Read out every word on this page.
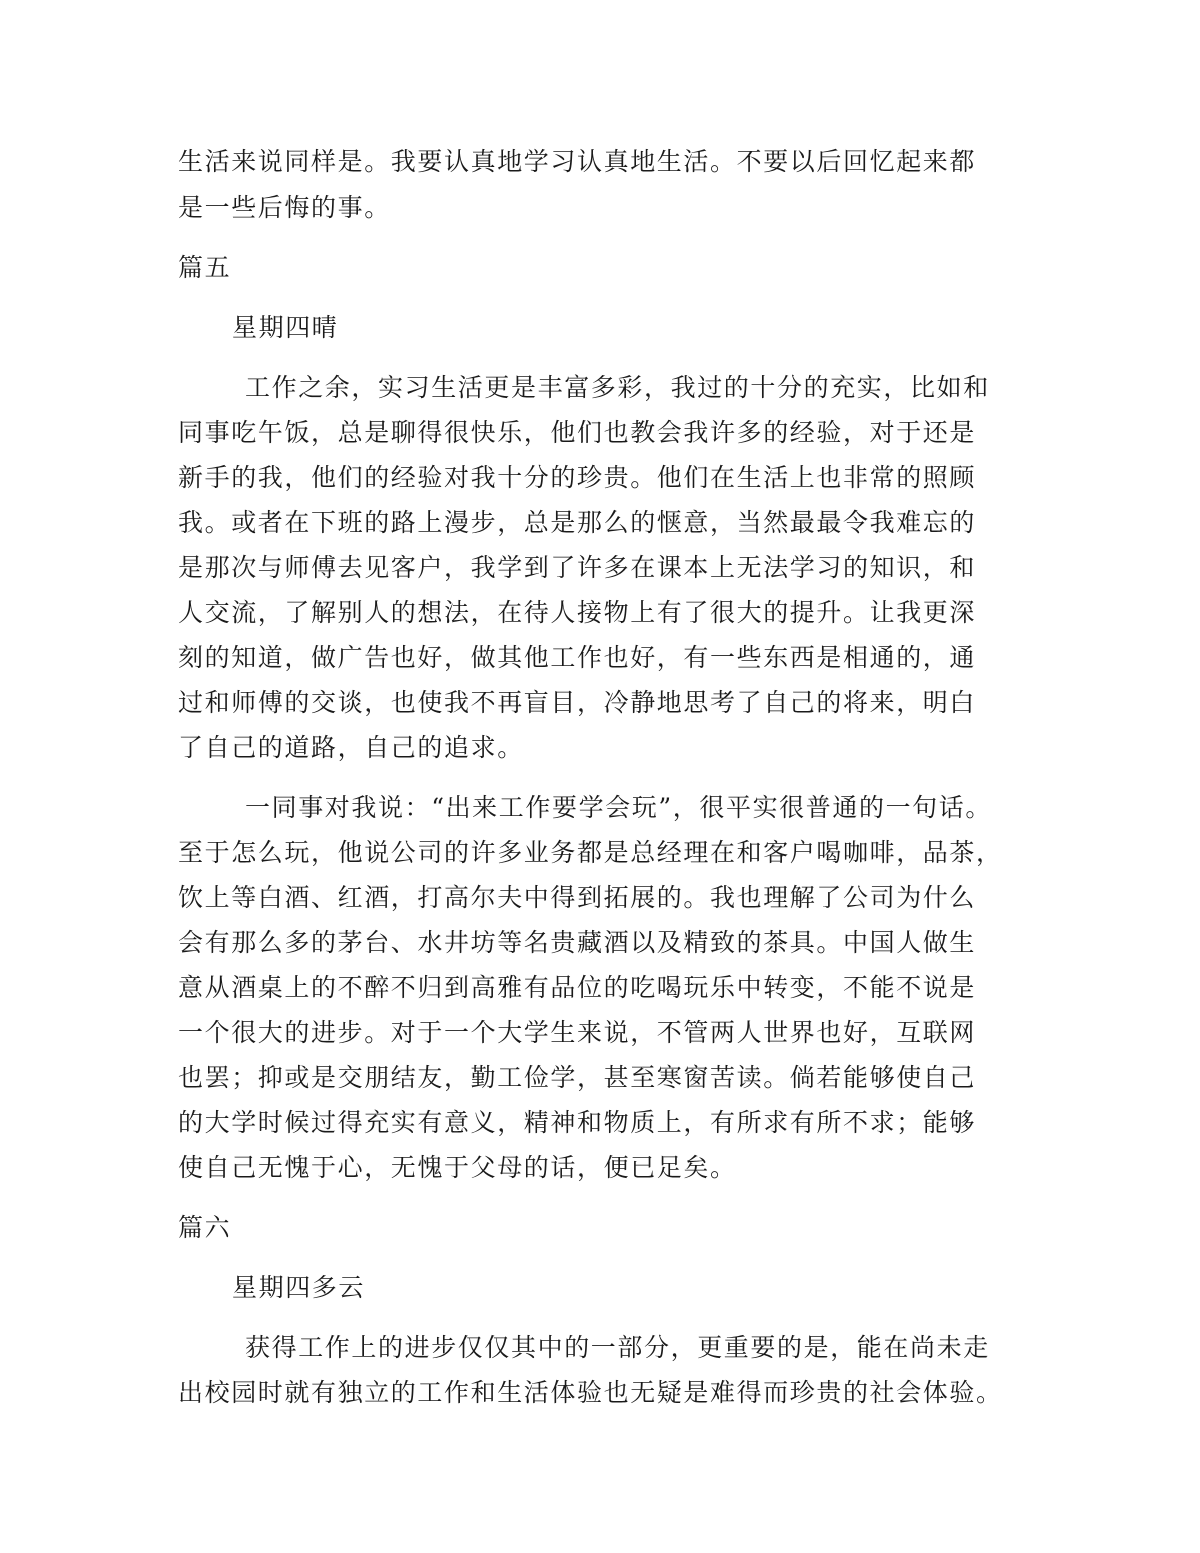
生活来说同样是。我要认真地学习认真地生活。不要以后回忆起来都
是一些后悔的事。
篇五
星期四晴
工作之余，实习生活更是丰富多彩，我过的十分的充实，比如和
同事吃午饭，总是聊得很快乐，他们也教会我许多的经验，对于还是
新手的我，他们的经验对我十分的珍贵。他们在生活上也非常的照顾
我。或者在下班的路上漫步，总是那么的惬意，当然最最令我难忘的
是那次与师傅去见客户，我学到了许多在课本上无法学习的知识，和
人交流，了解别人的想法，在待人接物上有了很大的提升。让我更深
刻的知道，做广告也好，做其他工作也好，有一些东西是相通的，通
过和师傅的交谈，也使我不再盲目，冷静地思考了自己的将来，明白
了自己的道路，自己的追求。
一同事对我说：“出来工作要学会玩”，很平实很普通的一句话。
至于怎么玩，他说公司的许多业务都是总经理在和客户喝咖啡，品茶，
饮上等白酒、红酒，打高尔夫中得到拓展的。我也理解了公司为什么
会有那么多的茅台、水井坊等名贵藏酒以及精致的茶具。中国人做生
意从酒桌上的不醉不归到高雅有品位的吃喝玩乐中转变，不能不说是
一个很大的进步。对于一个大学生来说，不管两人世界也好，互联网
也罢；抑或是交朋结友，勤工俭学，甚至寒窗苦读。倘若能够使自己
的大学时候过得充实有意义，精神和物质上，有所求有所不求；能够
使自己无愧于心，无愧于父母的话，便已足矣。
篇六
星期四多云
获得工作上的进步仅仅其中的一部分，更重要的是，能在尚未走
出校园时就有独立的工作和生活体验也无疑是难得而珍贵的社会体验。
